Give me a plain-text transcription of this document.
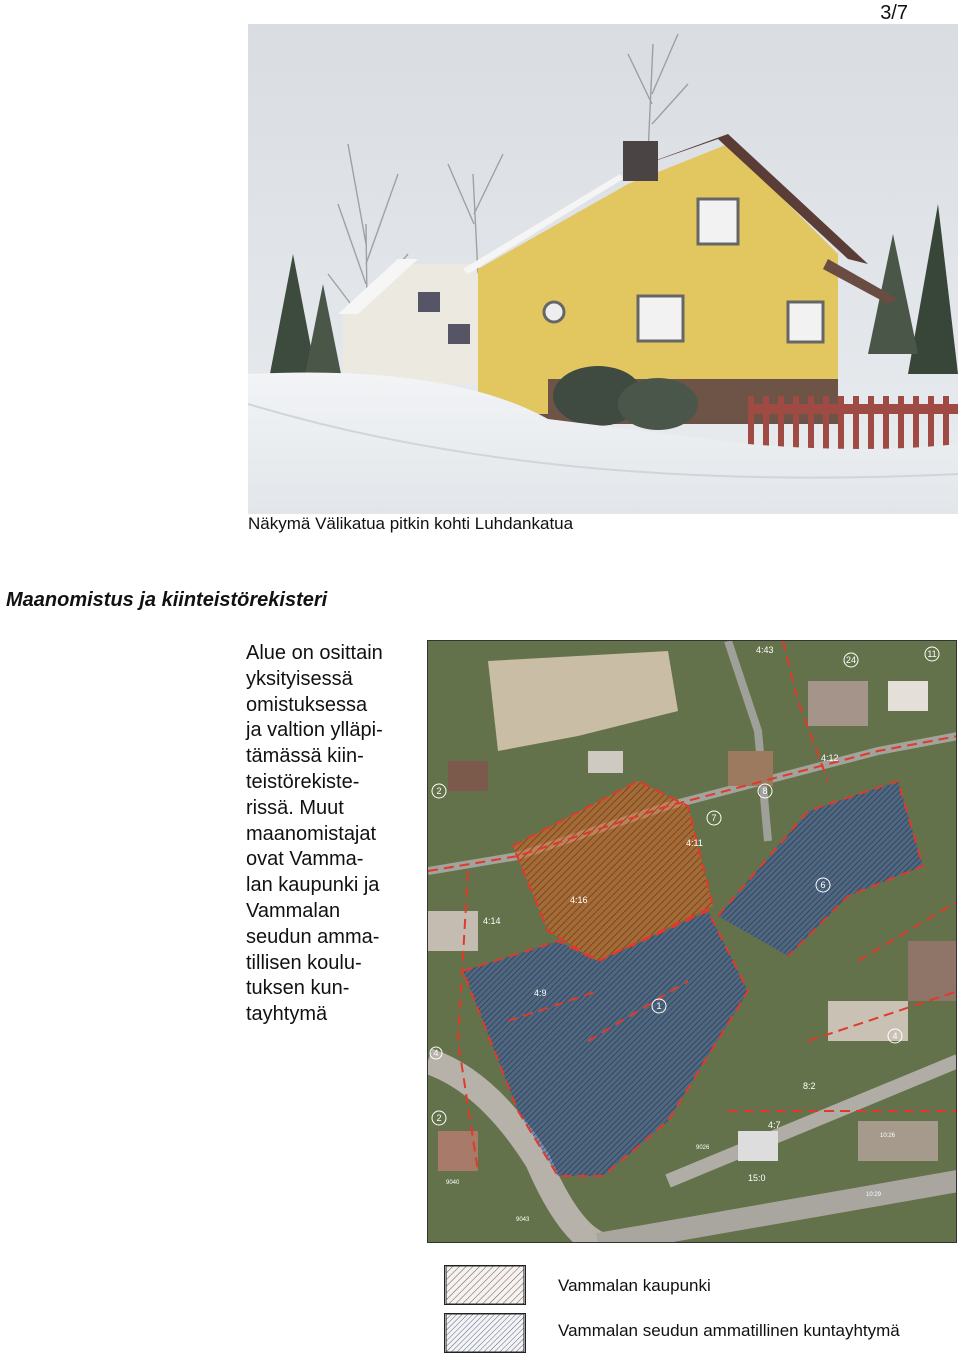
3/7
Näkymä Välikatua pitkin kohti Luhdankatua
Maanomistus ja kiinteistörekisteri
Alue on osittain
yksityisessä
omistuksessa
ja valtion ylläpi-
tämässä kiin-
teistörekiste-
rissä. Muut
maanomistajat
ovat Vamma-
lan kaupunki ja
Vammalan
seudun amma-
tillisen koulu-
tuksen kun-
tayhtymä
4:43
4:12
4:11
4:16
4:14
4:9
8:2
4:7
15:0
9040
9043
9026
10:29
10:26
24
11
2
7
8
6
1
4
2
4
Vammalan kaupunki
Vammalan seudun ammatillinen kuntayhtymä
